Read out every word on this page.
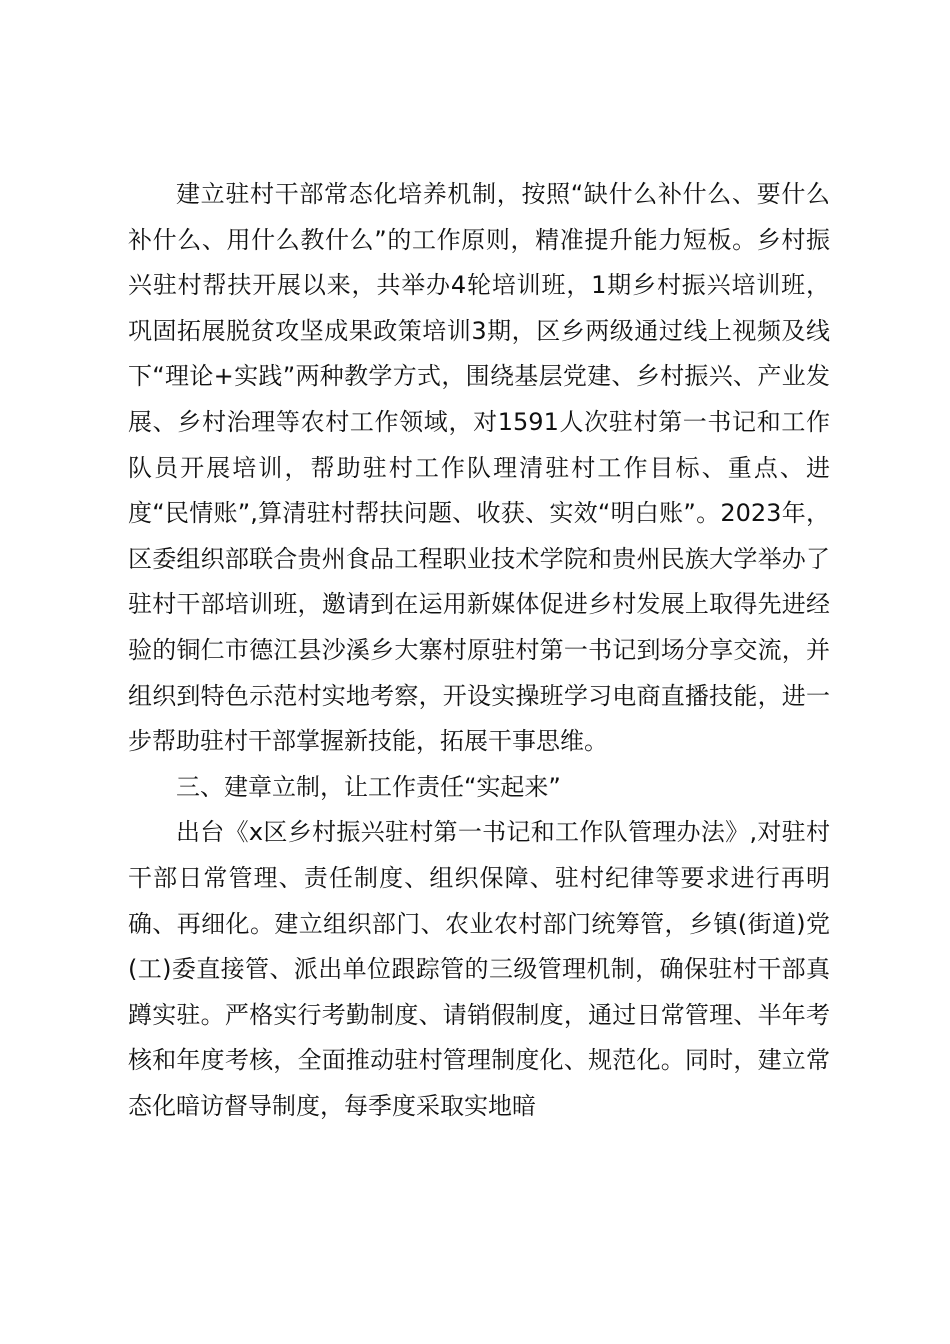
建立驻村干部常态化培养机制，按照“缺什么补什么、要什么补什么、用什么教什么”的工作原则，精准提升能力短板。乡村振兴驻村帮扶开展以来，共举办4轮培训班，1期乡村振兴培训班，巩固拓展脱贫攻坚成果政策培训3期，区乡两级通过线上视频及线下“理论+实践”两种教学方式，围绕基层党建、乡村振兴、产业发展、乡村治理等农村工作领域，对1591人次驻村第一书记和工作队员开展培训，帮助驻村工作队理清驻村工作目标、重点、进度“民情账”,算清驻村帮扶问题、收获、实效“明白账”。2023年，区委组织部联合贵州食品工程职业技术学院和贵州民族大学举办了驻村干部培训班，邀请到在运用新媒体促进乡村发展上取得先进经验的铜仁市德江县沙溪乡大寨村原驻村第一书记到场分享交流，并组织到特色示范村实地考察，开设实操班学习电商直播技能，进一步帮助驻村干部掌握新技能，拓展干事思维。

三、建章立制，让工作责任“实起来”

出台《x区乡村振兴驻村第一书记和工作队管理办法》,对驻村干部日常管理、责任制度、组织保障、驻村纪律等要求进行再明确、再细化。建立组织部门、农业农村部门统筹管，乡镇(街道)党(工)委直接管、派出单位跟踪管的三级管理机制，确保驻村干部真蹲实驻。严格实行考勤制度、请销假制度，通过日常管理、半年考核和年度考核，全面推动驻村管理制度化、规范化。同时，建立常态化暗访督导制度，每季度采取实地暗
